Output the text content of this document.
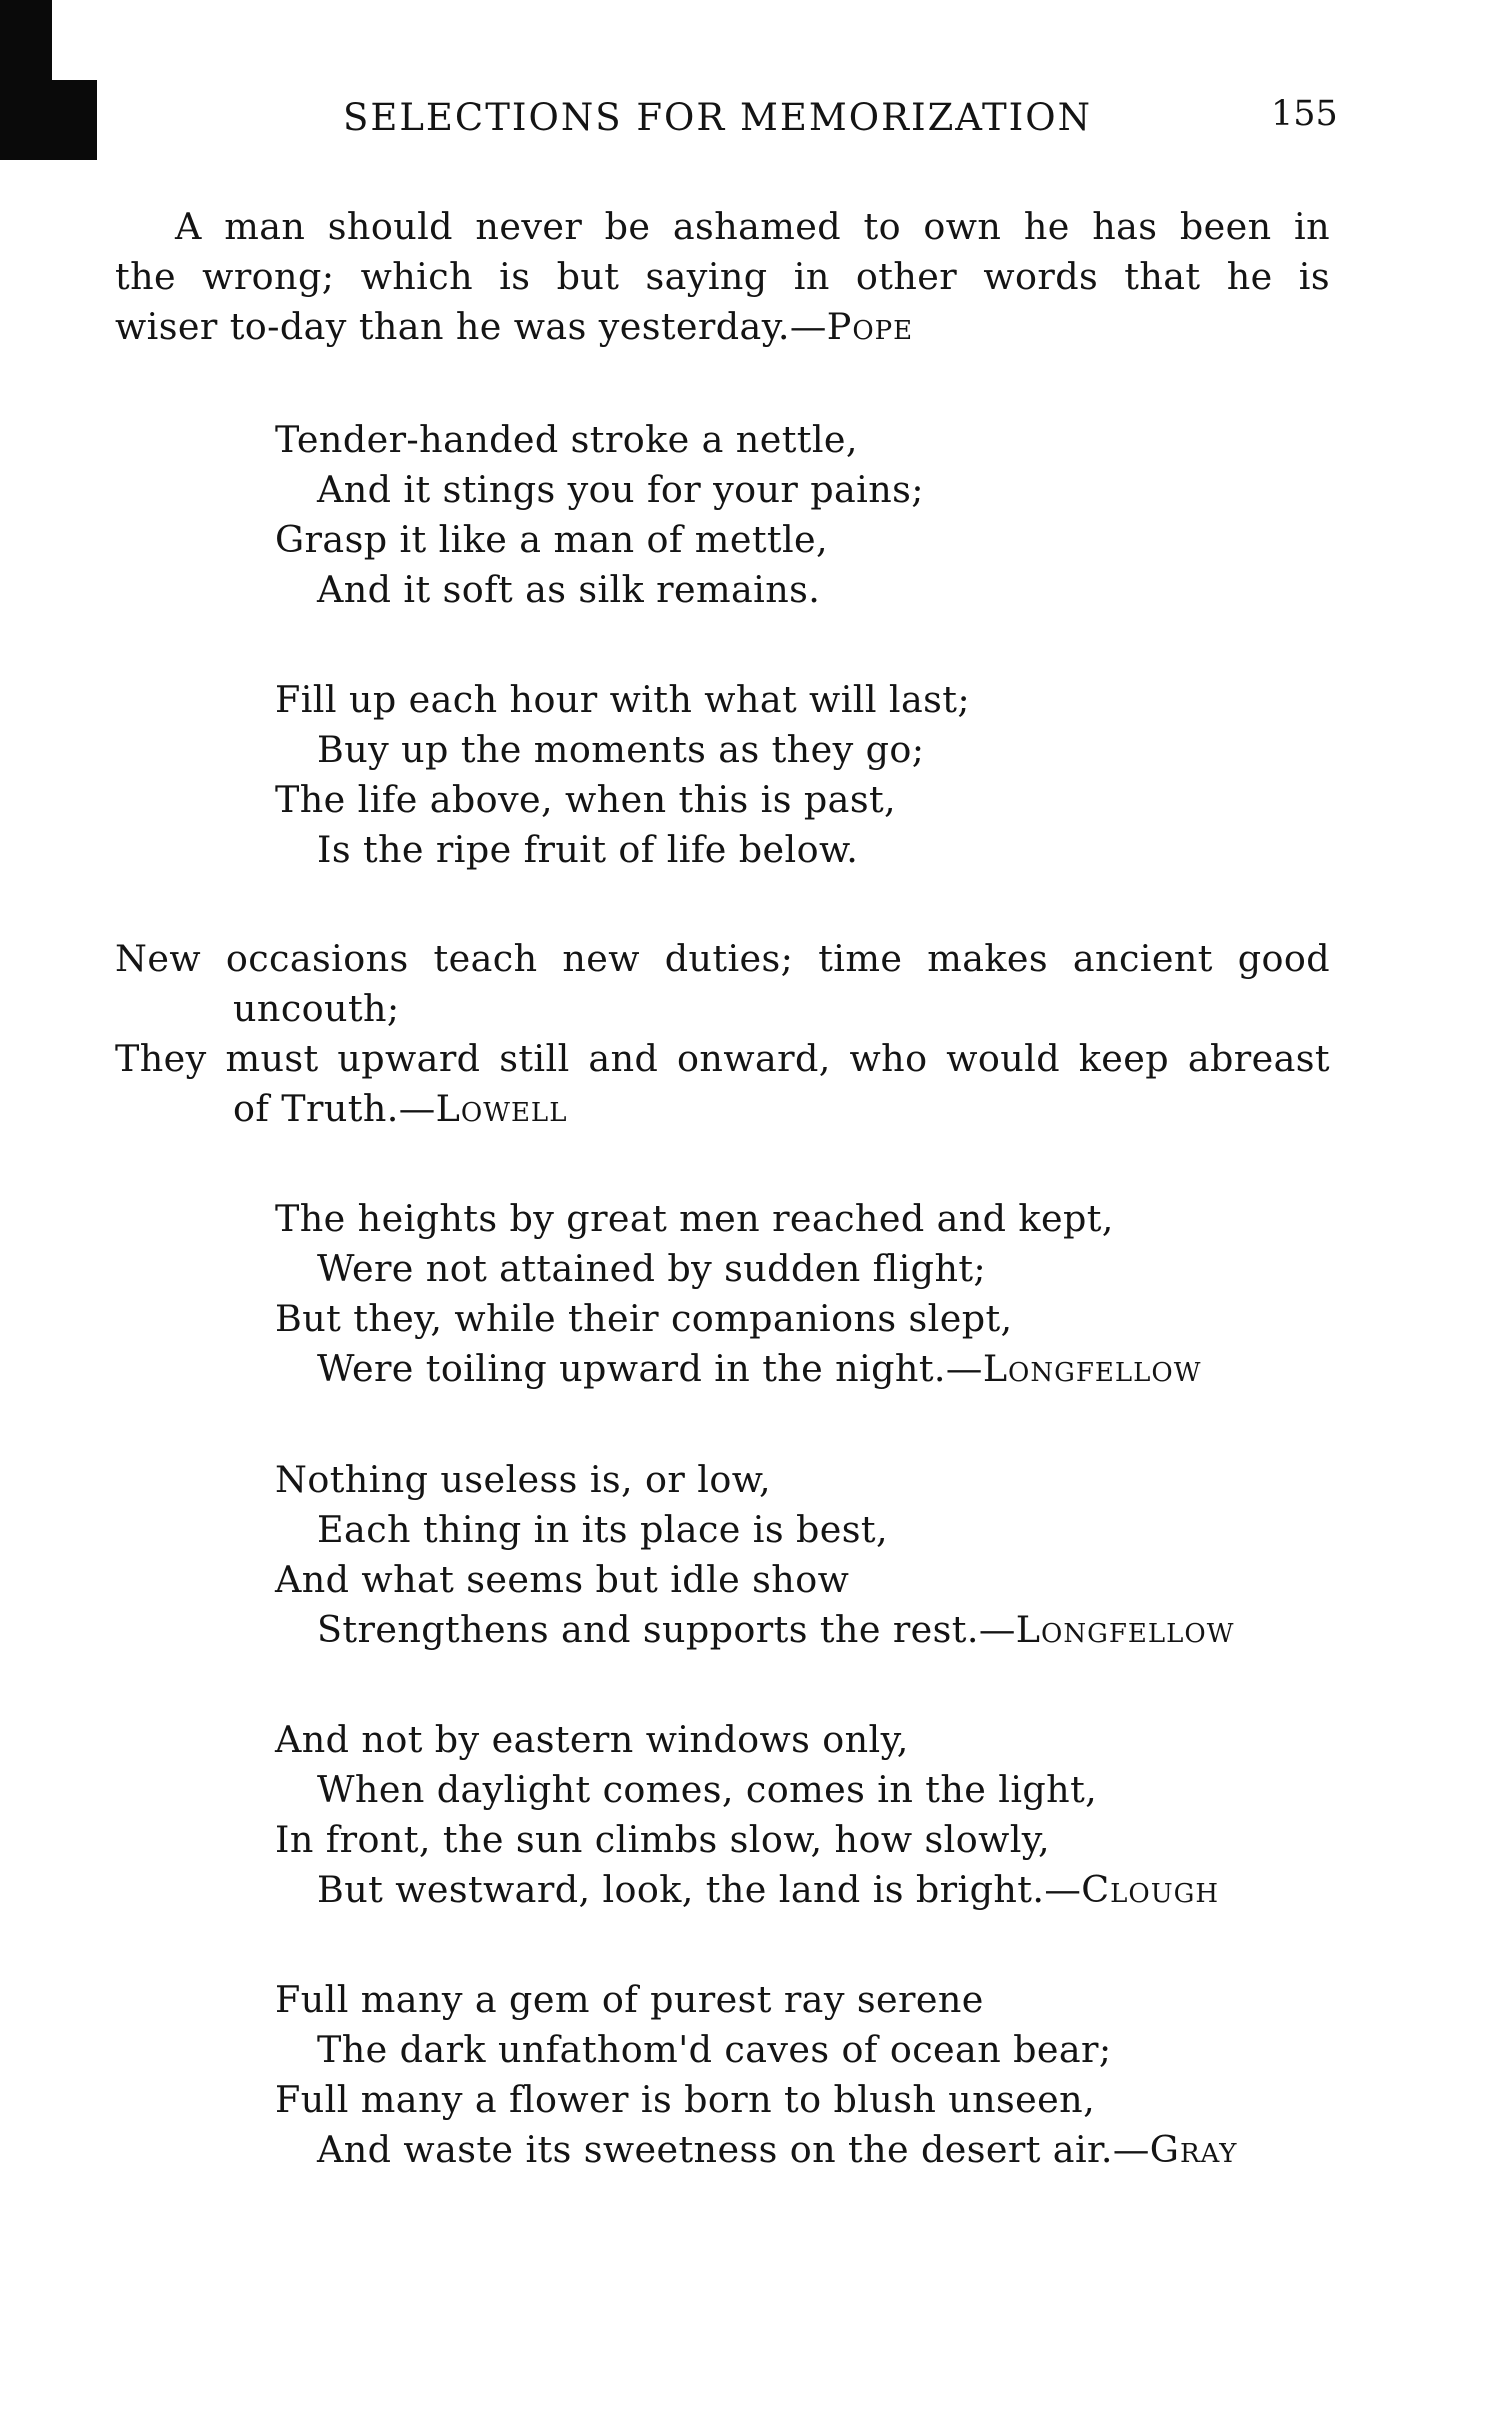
SELECTIONS FOR MEMORIZATION	155
A man should never be ashamed to own he has been in
the wrong; which is but saying in other words that he is
wiser to-day than he was yesterday.—Pope
Tender-handed stroke a nettle,
And it stings you for your pains;
Grasp it like a man of mettle,
And it soft as silk remains.
Fill up each hour with what will last;
Buy up the moments as they go;
The life above, when this is past,
Is the ripe fruit of life below.
New occasions teach new duties; time makes ancient good
uncouth;
They must upward still and onward, who would keep abreast
of Truth.—Lowell
The heights by great men reached and kept,
Were not attained by sudden flight;
But they, while their companions slept,
Were toiling upward in the night.—Longfellow
Nothing useless is, or low,
Each thing in its place is best,
And what seems but idle show
Strengthens and supports the rest.—Longfellow
And not by eastern windows only,
When daylight comes, comes in the light,
In front, the sun climbs slow, how slowly,
But westward, look, the land is bright.—Clough
Full many a gem of purest ray serene
The dark unfathom'd caves of ocean bear;
Full many a flower is born to blush unseen,
And waste its sweetness on the desert air.—Gray
